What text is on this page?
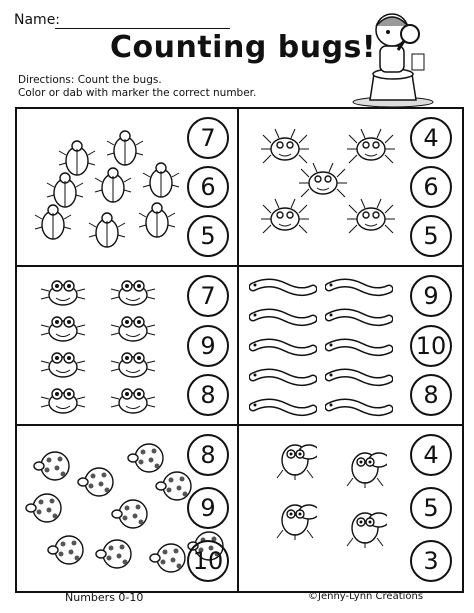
Name:
Counting bugs!
Directions: Count the bugs.
Color or dab with marker the correct number.
7
6
5
4
6
5
7
9
8
9
10
8
8
9
10
4
5
3
Numbers 0-10	©Jenny-Lynn Creations
